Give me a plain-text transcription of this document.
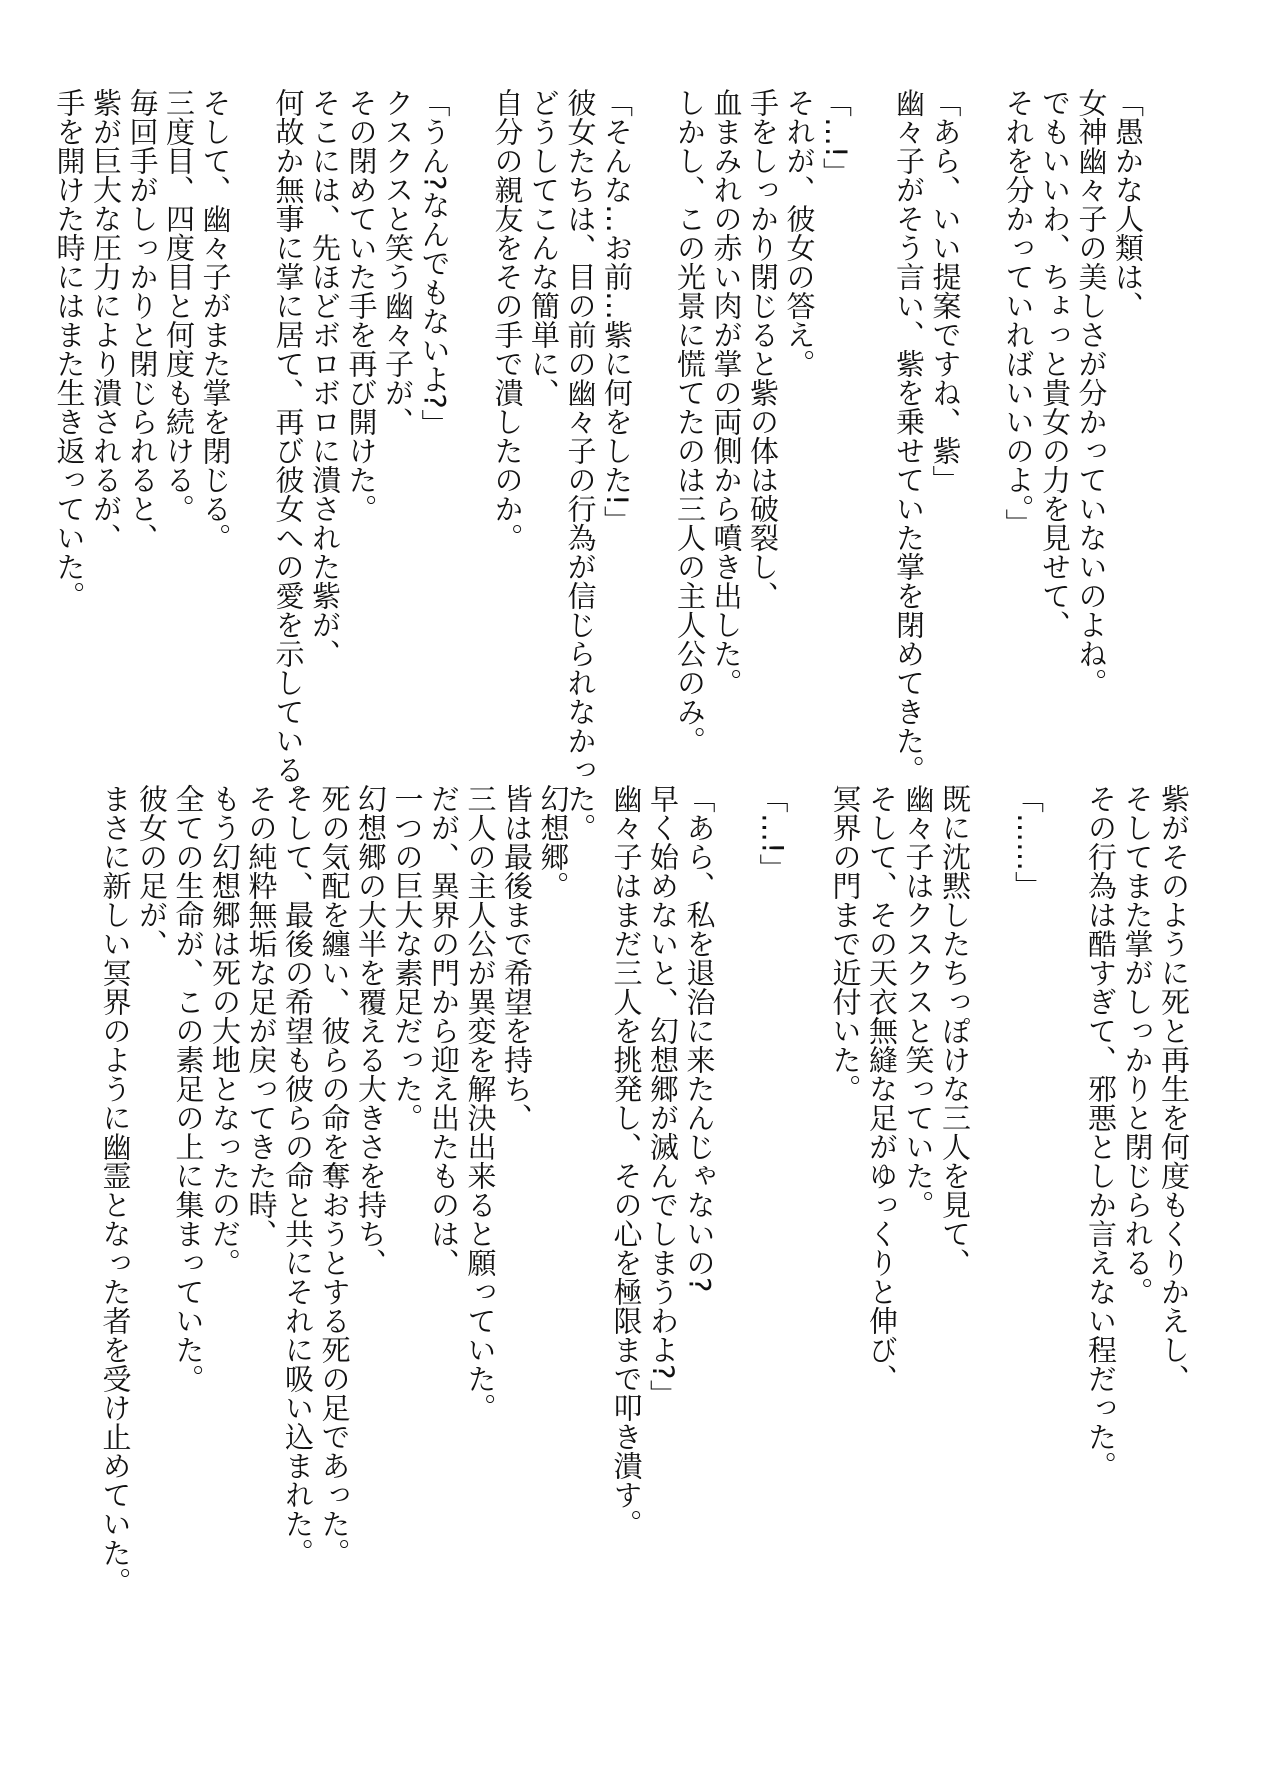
「愚かな人類は、
女神幽々子の美しさが分かっていないのよね。
でもいいわ、ちょっと貴女の力を見せて、
それを分かっていればいいのよ。」
「あら、いい提案ですね、紫」
幽々子がそう言い、紫を乗せていた掌を閉めてきた。
「…!」
それが、彼女の答え。
手をしっかり閉じると紫の体は破裂し、
血まみれの赤い肉が掌の両側から噴き出した。
しかし、この光景に慌てたのは三人の主人公のみ。
「そんな…お前…紫に何をした!」
彼女たちは、目の前の幽々子の行為が信じられなかった。
どうしてこんな簡単に、
自分の親友をその手で潰したのか。
「うん?なんでもないよ?」
クスクスと笑う幽々子が、
その閉めていた手を再び開けた。
そこには、先ほどボロボロに潰された紫が、
何故か無事に掌に居て、再び彼女への愛を示している。
そして、幽々子がまた掌を閉じる。
三度目、四度目と何度も続ける。
毎回手がしっかりと閉じられると、
紫が巨大な圧力により潰されるが、
手を開けた時にはまた生き返っていた。
紫がそのように死と再生を何度もくりかえし、
そしてまた掌がしっかりと閉じられる。
その行為は酷すぎて、邪悪としか言えない程だった。
「……」
既に沈黙したちっぽけな三人を見て、
幽々子はクスクスと笑っていた。
そして、その天衣無縫な足がゆっくりと伸び、
冥界の門まで近付いた。
「…!」
「あら、私を退治に来たんじゃないの?
早く始めないと、幻想郷が滅んでしまうわよ?」
幽々子はまだ三人を挑発し、その心を極限まで叩き潰す。
幻想郷。
皆は最後まで希望を持ち、
三人の主人公が異変を解決出来ると願っていた。
だが、異界の門から迎え出たものは、
一つの巨大な素足だった。
幻想郷の大半を覆える大きさを持ち、
死の気配を纏い、彼らの命を奪おうとする死の足であった。
そして、最後の希望も彼らの命と共にそれに吸い込まれた。
その純粋無垢な足が戻ってきた時、
もう幻想郷は死の大地となったのだ。
全ての生命が、この素足の上に集まっていた。
彼女の足が、
まさに新しい冥界のように幽霊となった者を受け止めていた。
